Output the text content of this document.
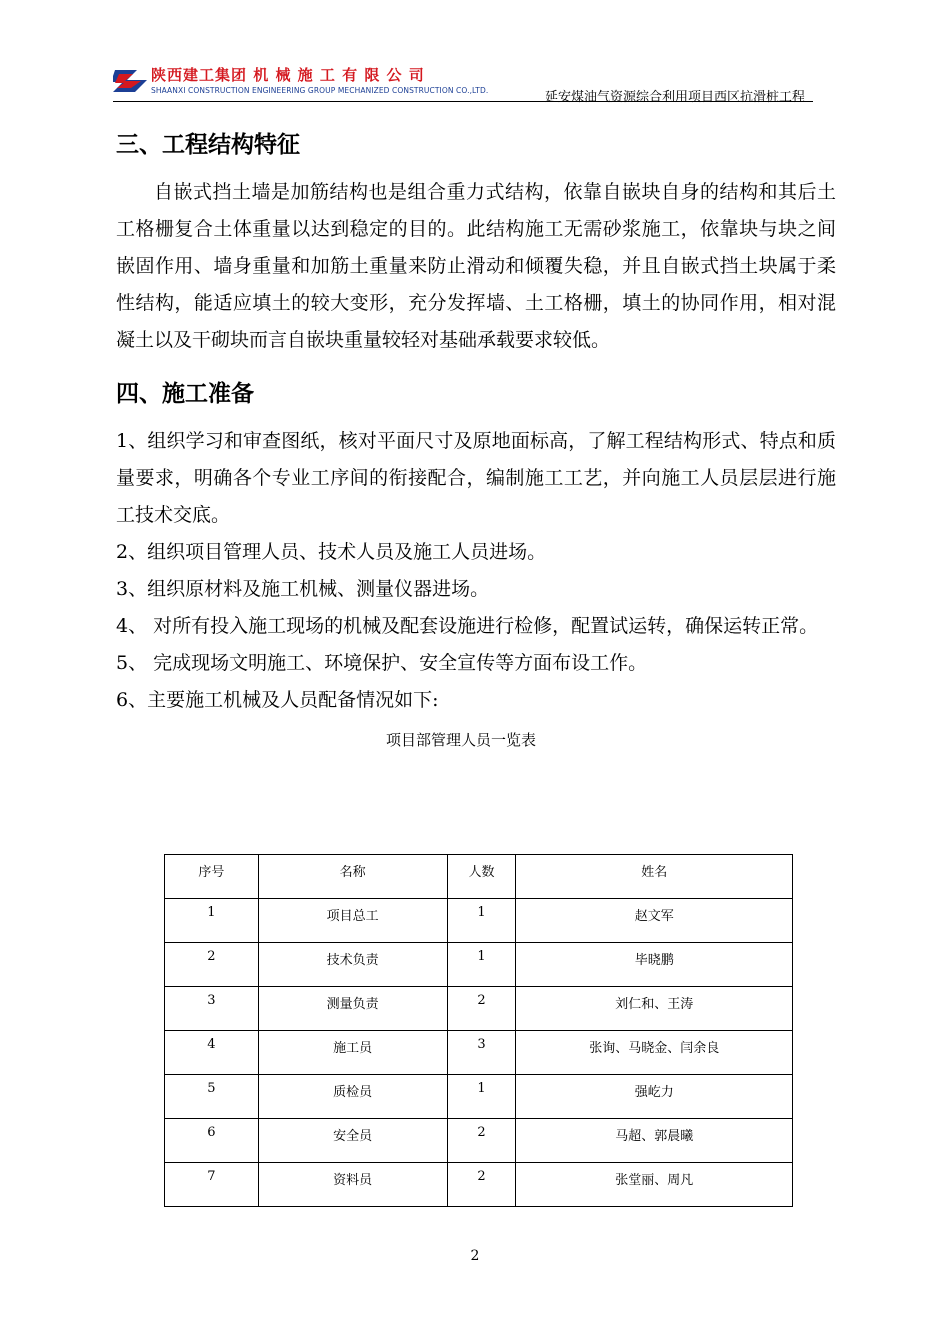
陕西建工集团 机 械 施 工 有 限 公 司
SHAANXI CONSTRUCTION ENGINEERING GROUP MECHANIZED CONSTRUCTION CO.,LTD.	延安煤油气资源综合利用项目西区抗滑桩工程
三、工程结构特征

自嵌式挡土墙是加筋结构也是组合重力式结构，依靠自嵌块自身的结构和其后土工格栅复合土体重量以达到稳定的目的。此结构施工无需砂浆施工，依靠块与块之间嵌固作用、墙身重量和加筋土重量来防止滑动和倾覆失稳，并且自嵌式挡土块属于柔性结构，能适应填土的较大变形，充分发挥墙、土工格栅，填土的协同作用，相对混凝土以及干砌块而言自嵌块重量较轻对基础承载要求较低。

四、施工准备

1、组织学习和审查图纸，核对平面尺寸及原地面标高，了解工程结构形式、特点和质量要求，明确各个专业工序间的衔接配合，编制施工工艺，并向施工人员层层进行施工技术交底。

2、组织项目管理人员、技术人员及施工人员进场。

3、组织原材料及施工机械、测量仪器进场。

4、 对所有投入施工现场的机械及配套设施进行检修，配置试运转，确保运转正常。

5、 完成现场文明施工、环境保护、安全宣传等方面布设工作。

6、主要施工机械及人员配备情况如下:

项目部管理人员一览表
序号	名称	人数	姓名
1	项目总工	1	赵文军
2	技术负责	1	毕晓鹏
3	测量负责	2	刘仁和、王涛
4	施工员	3	张询、马晓金、闫余良
5	质检员	1	强屹力
6	安全员	2	马超、郭晨曦
7	资料员	2	张堂丽、周凡
2
